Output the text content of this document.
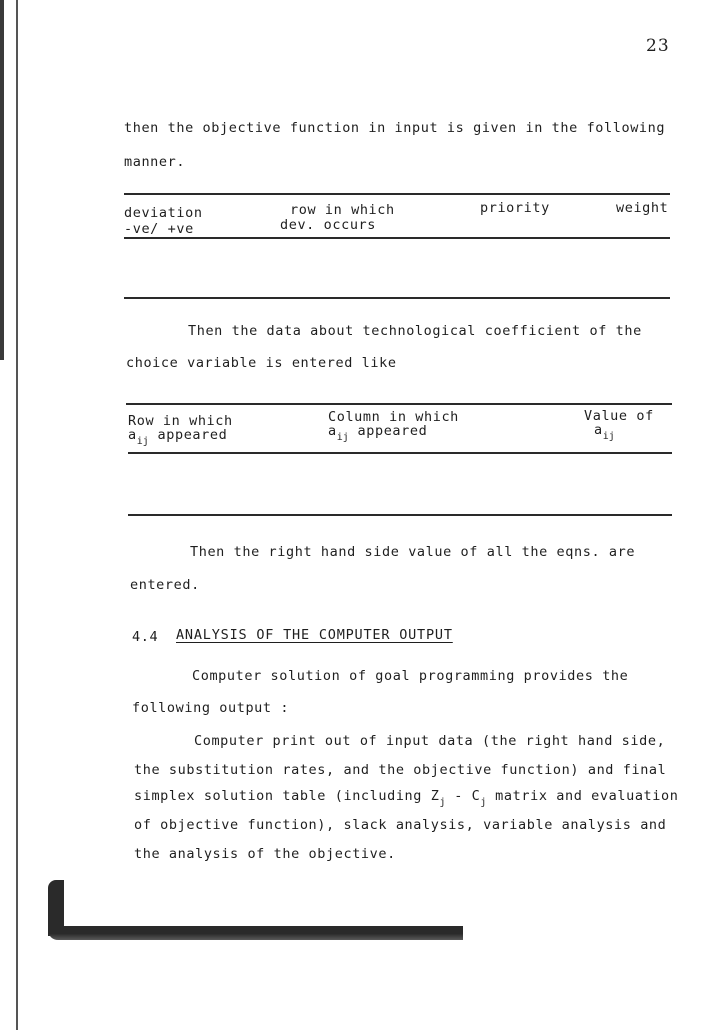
23
then the objective function in input is given in the following
manner.
deviation
-ve/ +ve
row in which
dev. occurs
priority	weight
Then the data about technological coefficient of the
choice variable is entered like
Row in which
$a_{ij}$ appeared
Column in which
$a_{ij}$ appeared
Value of
$a_{ij}$
Then the right hand side value of all the eqns. are
entered.
4.4 ANALYSIS OF THE COMPUTER OUTPUT
Computer solution of goal programming provides the
following output :
Computer print out of input data (the right hand side,
the substitution rates, and the objective function) and final
simplex solution table (including $Z_j - C_j$ matrix and evaluation
of objective function), slack analysis, variable analysis and
the analysis of the objective.
